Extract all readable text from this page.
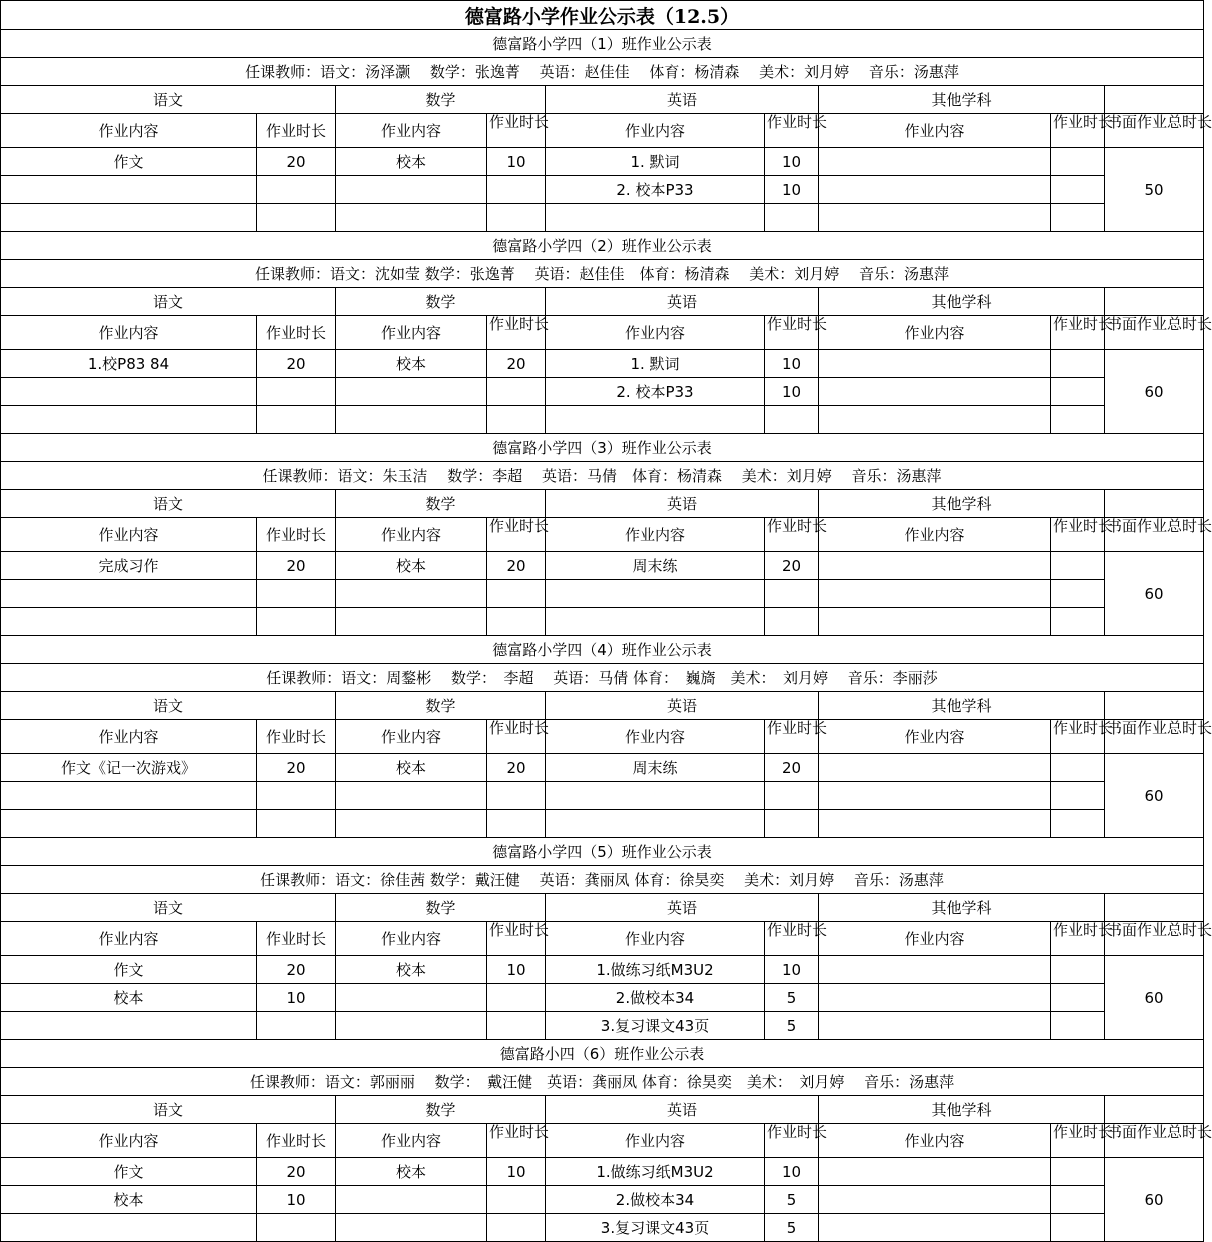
德富路小学作业公示表（12.5）								
德富路小学四（1）班作业公示表								
任课教师：语文：汤泽灏　 数学：张逸菁　 英语：赵佳佳　 体育：杨清森　 美术：刘月婷　 音乐：汤惠萍								
语文		数学		英语		其他学科		
作业内容	作业时长	作业内容	作业时长	作业内容	作业时长	作业内容	作业时长	书面作业总时长

作文	20	校本	10	1. 默词	10			50
				2. 校本P33	10			

德富路小学四（2）班作业公示表								
任课教师：语文：沈如莹 数学：张逸菁　 英语：赵佳佳　体育：杨清森　 美术：刘月婷　 音乐：汤惠萍								
语文		数学		英语		其他学科		
作业内容	作业时长	作业内容	作业时长	作业内容	作业时长	作业内容	作业时长	书面作业总时长

1.校P83 84	20	校本	20	1. 默词	10			60
				2. 校本P33	10			

德富路小学四（3）班作业公示表								
任课教师：语文：朱玉洁　 数学：李超　 英语：马倩　体育：杨清森　 美术：刘月婷　 音乐：汤惠萍								
语文		数学		英语		其他学科		
作业内容	作业时长	作业内容	作业时长	作业内容	作业时长	作业内容	作业时长	书面作业总时长

完成习作	20	校本	20	周末练	20			60

德富路小学四（4）班作业公示表								
任课教师：语文：周鍪彬　 数学：　李超　 英语：马倩 体育：　巍旖　美术：　刘月婷　 音乐：李丽莎								
语文		数学		英语		其他学科		
作业内容	作业时长	作业内容	作业时长	作业内容	作业时长	作业内容	作业时长	书面作业总时长

作文《记一次游戏》	20	校本	20	周末练	20			60

德富路小学四（5）班作业公示表								
任课教师：语文：徐佳茜 数学：戴汪健　 英语：龚丽凤 体育：徐昊奕　 美术：刘月婷　 音乐：汤惠萍								
语文		数学		英语		其他学科		
作业内容	作业时长	作业内容	作业时长	作业内容	作业时长	作业内容	作业时长	书面作业总时长

作文	20	校本	10	1.做练习纸M3U2	10			60
校本	10			2.做校本34	5			
				3.复习课文43页	5			
德富路小四（6）班作业公示表								
任课教师：语文：郭丽丽　 数学：　戴汪健　英语：龚丽凤 体育：徐昊奕　美术：　刘月婷　 音乐：汤惠萍								
语文		数学		英语		其他学科		
作业内容	作业时长	作业内容	作业时长	作业内容	作业时长	作业内容	作业时长	书面作业总时长

作文	20	校本	10	1.做练习纸M3U2	10			60
校本	10			2.做校本34	5			
				3.复习课文43页	5			
